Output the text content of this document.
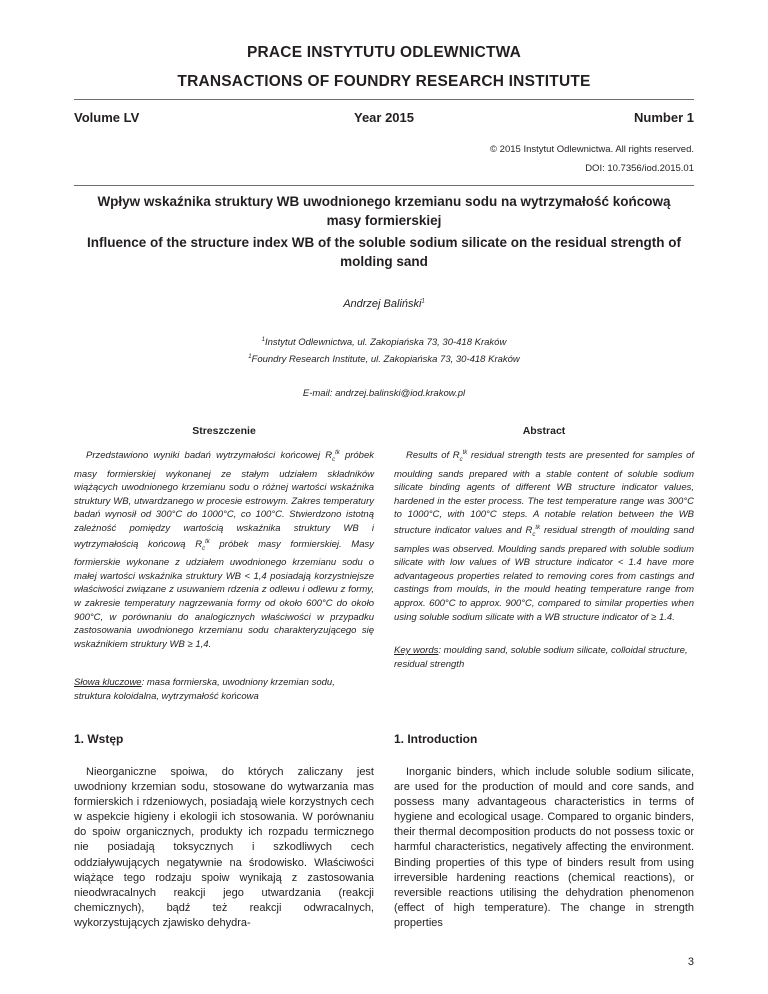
PRACE INSTYTUTU ODLEWNICTWA
TRANSACTIONS OF FOUNDRY RESEARCH INSTITUTE
Year 2015
Volume LV	Number 1
© 2015 Instytut Odlewnictwa. All rights reserved.
DOI: 10.7356/iod.2015.01
Wpływ wskaźnika struktury WB uwodnionego krzemianu sodu na wytrzymałość końcową masy formierskiej
Influence of the structure index WB of the soluble sodium silicate on the residual strength of molding sand
Andrzej Baliński$^1$
$^1$Instytut Odlewnictwa, ul. Zakopiańska 73, 30-418 Kraków
$^1$Foundry Research Institute, ul. Zakopiańska 73, 30-418 Kraków
E-mail: andrzej.balinski@iod.krakow.pl
Streszczenie	Abstract

Przedstawiono wyniki badań wytrzymałości końcowej $R_c^{tk}$ próbek masy formierskiej wykonanej ze stałym udziałem składników wiążących uwodnionego krzemianu sodu o różnej wartości wskaźnika struktury WB, utwardzanego w procesie estrowym. Zakres temperatury badań wynosił od 300°C do 1000°C, co 100°C. Stwierdzono istotną zależność pomiędzy wartością wskaźnika struktury WB i wytrzymałością końcową $R_c^{tk}$ próbek masy formierskiej. Masy formierskie wykonane z udziałem uwodnionego krzemianu sodu o małej wartości wskaźnika struktury WB < 1,4 posiadają korzystniejsze właściwości związane z usuwaniem rdzenia z odlewu i odlewu z formy, w zakresie temperatury nagrzewania formy od około 600°C do około 900°C, w porównaniu do analogicznych właściwości w przypadku zastosowania uwodnionego krzemianu sodu charakteryzującego się wskaźnikiem struktury WB ≥ 1,4.

Results of $R_c^{tk}$ residual strength tests are presented for samples of moulding sands prepared with a stable content of soluble sodium silicate binding agents of different WB structure indicator values, hardened in the ester process. The test temperature range was 300°C to 1000°C, with 100°C steps. A notable relation between the WB structure indicator values and $R_c^{tk}$ residual strength of moulding sand samples was observed. Moulding sands prepared with soluble sodium silicate with low values of WB structure indicator < 1.4 have more advantageous properties related to removing cores from castings and castings from moulds, in the mould heating temperature range from approx. 600°C to approx. 900°C, compared to similar properties when using soluble sodium silicate with a WB structure indicator of ≥ 1.4.

Słowa kluczowe: masa formierska, uwodniony krzemian sodu, struktura koloidalna, wytrzymałość końcowa
Key words: moulding sand, soluble sodium silicate, colloidal structure, residual strength
1. Wstęp	1. Introduction

Nieorganiczne spoiwa, do których zaliczany jest uwodniony krzemian sodu, stosowane do wytwarzania mas formierskich i rdzeniowych, posiadają wiele korzystnych cech w aspekcie higieny i ekologii ich stosowania. W porównaniu do spoiw organicznych, produkty ich rozpadu termicznego nie posiadają toksycznych i szkodliwych cech oddziaływujących negatywnie na środowisko. Właściwości wiążące tego rodzaju spoiw wynikają z zastosowania nieodwracalnych reakcji jego utwardzania (reakcji chemicznych), bądź też reakcji odwracalnych, wykorzystujących zjawisko dehydra-

Inorganic binders, which include soluble sodium silicate, are used for the production of mould and core sands, and possess many advantageous characteristics in terms of hygiene and ecological usage. Compared to organic binders, their thermal decomposition products do not possess toxic or harmful characteristics, negatively affecting the environment. Binding properties of this type of binders result from using irreversible hardening reactions (chemical reactions), or reversible reactions utilising the dehydration phenomenon (effect of high temperature). The change in strength properties

3
